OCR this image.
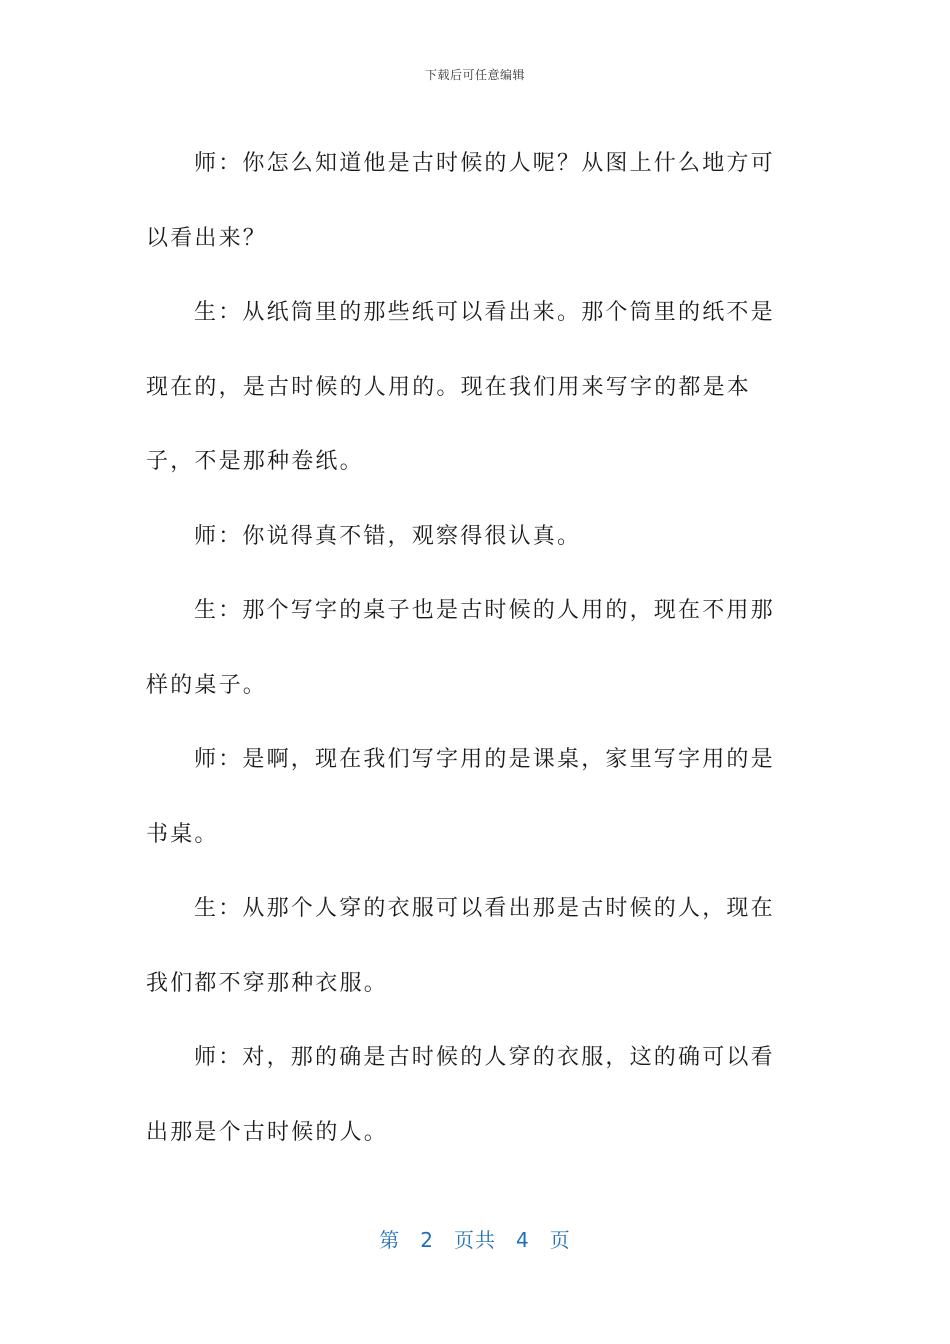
下载后可任意编辑

师：你怎么知道他是古时候的人呢？从图上什么地方可以看出来？

生：从纸筒里的那些纸可以看出来。那个筒里的纸不是现在的，是古时候的人用的。现在我们用来写字的都是本子，不是那种卷纸。

师：你说得真不错，观察得很认真。

生：那个写字的桌子也是古时候的人用的，现在不用那样的桌子。

师：是啊，现在我们写字用的是课桌，家里写字用的是书桌。

生：从那个人穿的衣服可以看出那是古时候的人，现在我们都不穿那种衣服。

师：对，那的确是古时候的人穿的衣服，这的确可以看出那是个古时候的人。

第 2 页共 4 页
